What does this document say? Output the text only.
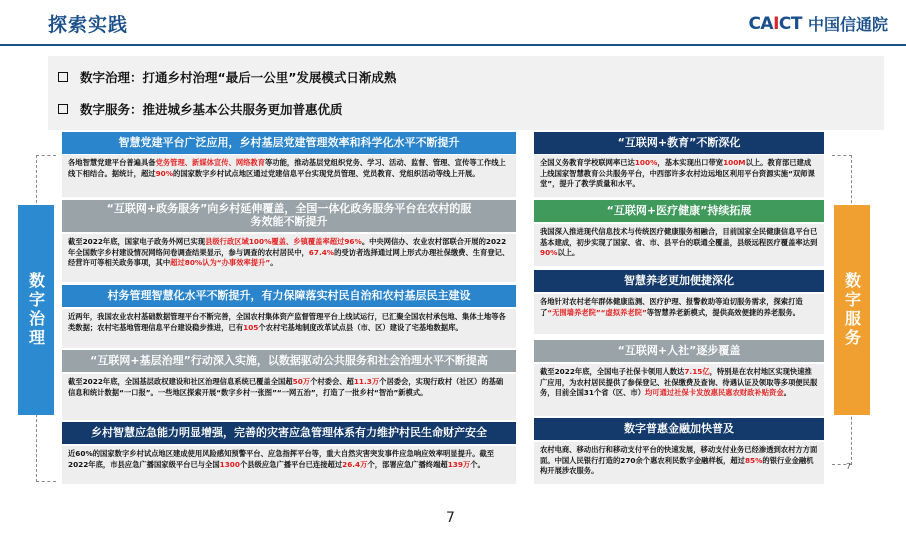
探索实践	CAICT 中国信通院
数字治理：打通乡村治理“最后一公里”发展模式日渐成熟
数字服务：推进城乡基本公共服务更加普惠优质
数字治理	数字服务
智慧党建平台广泛应用，乡村基层党建管理效率和科学化水平不断提升
各地智慧党建平台普遍具备党务管理、新媒体宣传、网络教育等功能，推动基层党组织党务、学习、活动、监督、管理、宣传等工作线上线下相结合。据统计，超过90%的国家数字乡村试点地区通过党建信息平台实现党员管理、党员教育、党组织活动等线上开展。
“互联网+政务服务”向乡村延伸覆盖，全国一体化政务服务平台在农村的服务效能不断提升
截至2022年底，国家电子政务外网已实现县级行政区域100%覆盖、乡镇覆盖率超过96%。中央网信办、农业农村部联合开展的2022年全国数字乡村建设情况网络问卷调查结果显示，参与调查的农村居民中，67.4%的受访者选择通过网上形式办理社保缴费、生育登记、经营许可等相关政务事项，其中超过80%认为“办事效率提升”。
村务管理智慧化水平不断提升，有力保障落实村民自治和农村基层民主建设
近两年，我国农业农村基础数据管理平台不断完善，全国农村集体资产监督管理平台上线试运行，已汇聚全国农村承包地、集体土地等各类数据；农村宅基地管理信息平台建设稳步推进，已有105个农村宅基地制度改革试点县（市、区）建设了宅基地数据库。
“互联网+基层治理”行动深入实施，以数据驱动公共服务和社会治理水平不断提高
截至2022年底，全国基层政权建设和社区治理信息系统已覆盖全国超50万个村委会、超11.3万个居委会，实现行政村（社区）的基础信息和统计数据“一口报”。一些地区探索开展“数字乡村一张图”“一网五治”，打造了一批乡村“智治”新模式。
乡村智慧应急能力明显增强，完善的灾害应急管理体系有力维护村民生命财产安全
近60%的国家数字乡村试点地区建成使用风险感知预警平台、应急指挥平台等，重大自然灾害突发事件应急响应效率明显提升。截至2022年底，市县应急广播国家级平台已与全国1300个县级应急广播平台已连接超过26.4万个，部署应急广播终端超139万个。
“互联网+教育”不断深化
全国义务教育学校联网率已达100%，基本实现出口带宽100M以上。教育部已建成上线国家智慧教育公共服务平台，中西部许多农村边远地区利用平台资源实施“双师课堂”，提升了教学质量和水平。
“互联网+医疗健康”持续拓展
我国深入推进现代信息技术与传统医疗健康服务相融合，目前国家全民健康信息平台已基本建成，初步实现了国家、省、市、县平台的联通全覆盖，县级远程医疗覆盖率达到90%以上。
智慧养老更加便捷深化
各地针对农村老年群体健康监测、医疗护理、报警救助等迫切服务需求，探索打造了“无围墙养老院”“虚拟养老院”等智慧养老新模式，提供高效便捷的养老服务。
“互联网+人社”逐步覆盖
截至2022年底，全国电子社保卡领用人数达7.15亿，特别是在农村地区实现快速推广应用，为农村居民提供了参保登记、社保缴费及查询、待遇认证及领取等多项便民服务，目前全国31个省（区、市）均可通过社保卡发放惠民惠农财政补贴资金。
数字普惠金融加快普及
农村电商、移动出行和移动支付平台的快速发展，移动支付业务已经渗透到农村方方面面。中国人民银行打造的270余个惠农利民数字金融样板，超过85%的银行业金融机构开展涉农服务。	7
7
